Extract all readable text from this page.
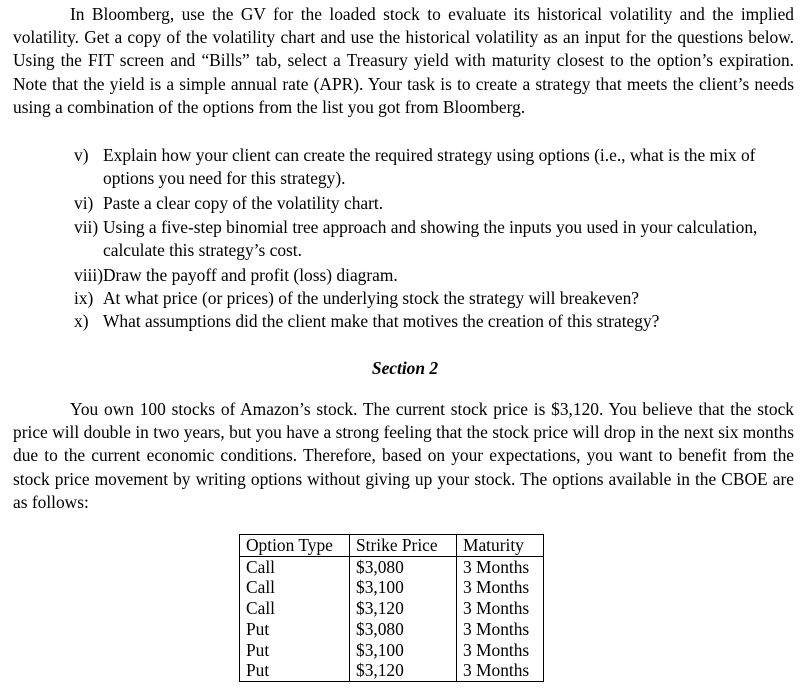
In Bloomberg, use the GV for the loaded stock to evaluate its historical volatility and the implied volatility. Get a copy of the volatility chart and use the historical volatility as an input for the questions below. Using the FIT screen and “Bills” tab, select a Treasury yield with maturity closest to the option’s expiration. Note that the yield is a simple annual rate (APR). Your task is to create a strategy that meets the client’s needs using a combination of the options from the list you got from Bloomberg.

v) Explain how your client can create the required strategy using options (i.e., what is the mix of options you need for this strategy).
vi) Paste a clear copy of the volatility chart.
vii) Using a five-step binomial tree approach and showing the inputs you used in your calculation, calculate this strategy’s cost.
viii) Draw the payoff and profit (loss) diagram.
ix) At what price (or prices) of the underlying stock the strategy will breakeven?
x) What assumptions did the client make that motives the creation of this strategy?

Section 2

You own 100 stocks of Amazon’s stock. The current stock price is $3,120. You believe that the stock price will double in two years, but you have a strong feeling that the stock price will drop in the next six months due to the current economic conditions. Therefore, based on your expectations, you want to benefit from the stock price movement by writing options without giving up your stock. The options available in the CBOE are as follows:

Option Type	Strike Price	Maturity
Call	$3,080	3 Months
Call	$3,100	3 Months
Call	$3,120	3 Months
Put	$3,080	3 Months
Put	$3,100	3 Months
Put	$3,120	3 Months
